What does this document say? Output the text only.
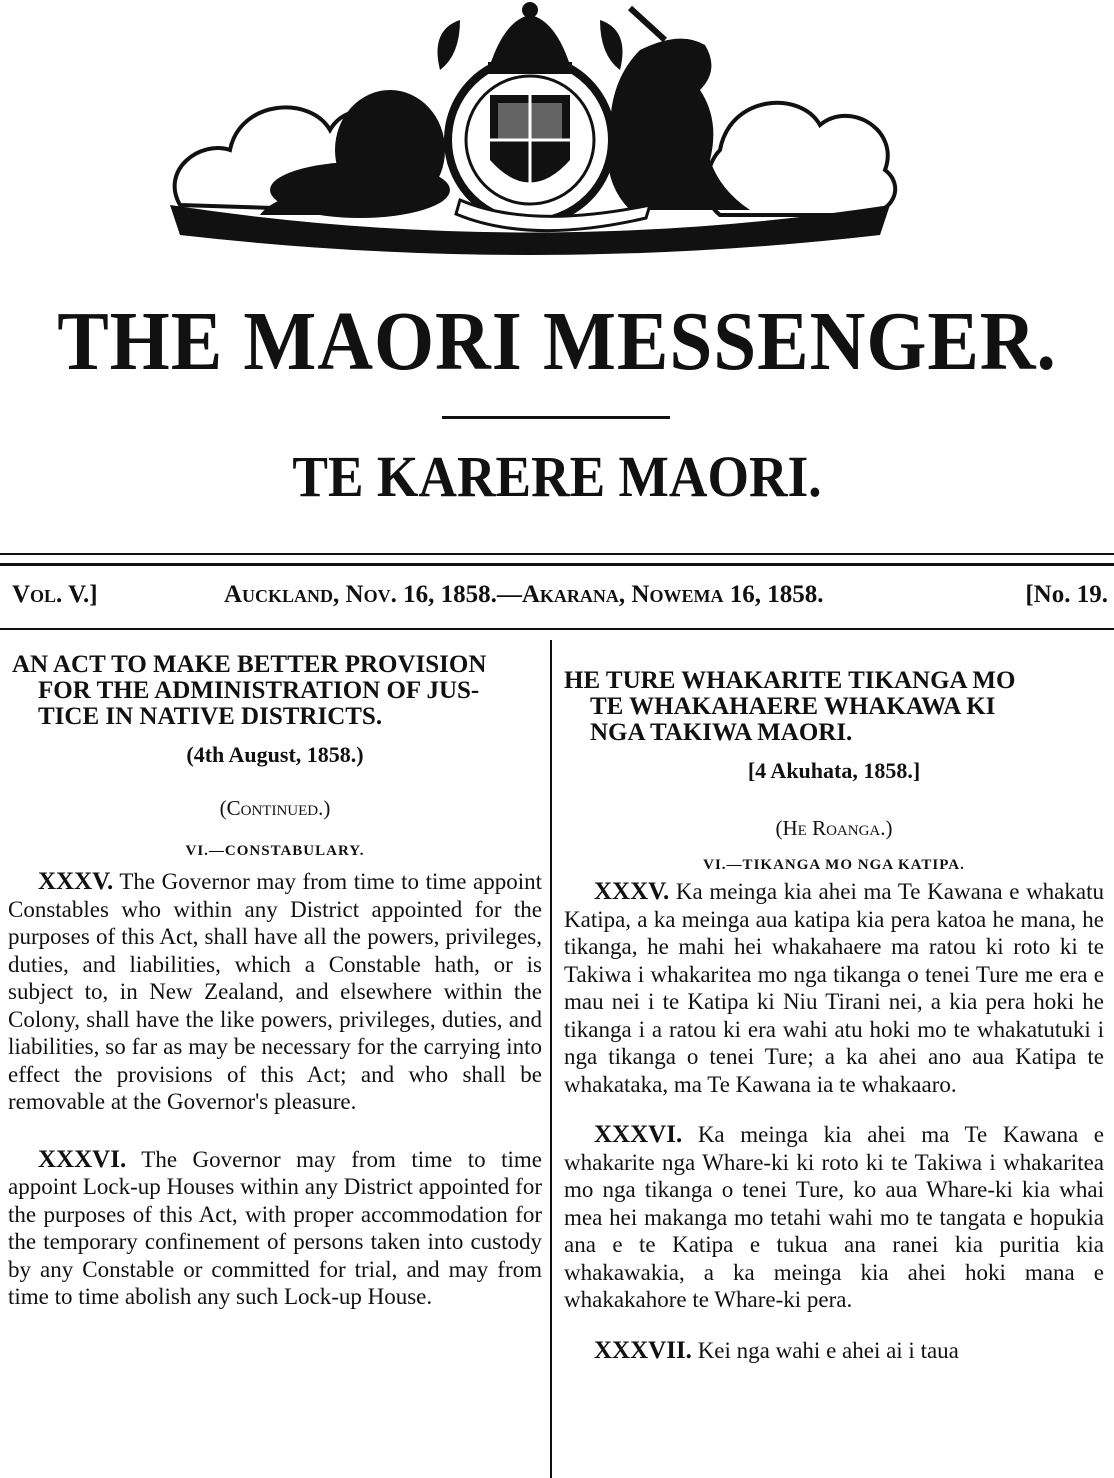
THE MAORI MESSENGER.
TE KARERE MAORI.
Vol. V.]	Auckland, Nov. 16, 1858.—Akarana, Nowema 16, 1858.	[No. 19.
AN ACT TO MAKE BETTER PROVISION
FOR THE ADMINISTRATION OF JUS-
TICE IN NATIVE DISTRICTS.
(4th August, 1858.)
(Continued.)
VI.—CONSTABULARY.

XXXV. The Governor may from time to time appoint Constables who within any District appointed for the purposes of this Act, shall have all the powers, privileges, duties, and liabilities, which a Constable hath, or is subject to, in New Zealand, and elsewhere within the Colony, shall have the like powers, privileges, duties, and liabilities, so far as may be necessary for the carrying into effect the provisions of this Act; and who shall be removable at the Governor's pleasure.

XXXVI. The Governor may from time to time appoint Lock-up Houses within any District appointed for the purposes of this Act, with proper accommodation for the temporary confinement of persons taken into custody by any Constable or committed for trial, and may from time to time abolish any such Lock-up House.

HE TURE WHAKARITE TIKANGA MO
TE WHAKAHAERE WHAKAWA KI
NGA TAKIWA MAORI.
[4 Akuhata, 1858.]
(He Roanga.)
VI.—TIKANGA MO NGA KATIPA.

XXXV. Ka meinga kia ahei ma Te Kawana e whakatu Katipa, a ka meinga aua katipa kia pera katoa he mana, he tikanga, he mahi hei whakahaere ma ratou ki roto ki te Takiwa i whakaritea mo nga tikanga o tenei Ture me era e mau nei i te Katipa ki Niu Tirani nei, a kia pera hoki he tikanga i a ratou ki era wahi atu hoki mo te whakatutuki i nga tikanga o tenei Ture; a ka ahei ano aua Katipa te whakataka, ma Te Kawana ia te whakaaro.

XXXVI. Ka meinga kia ahei ma Te Kawana e whakarite nga Whare-ki ki roto ki te Takiwa i whakaritea mo nga tikanga o tenei Ture, ko aua Whare-ki kia whai mea hei makanga mo tetahi wahi mo te tangata e hopukia ana e te Katipa e tukua ana ranei kia puritia kia whakawakia, a ka meinga kia ahei hoki mana e whakakahore te Whare-ki pera.

XXXVII. Kei nga wahi e ahei ai i taua
